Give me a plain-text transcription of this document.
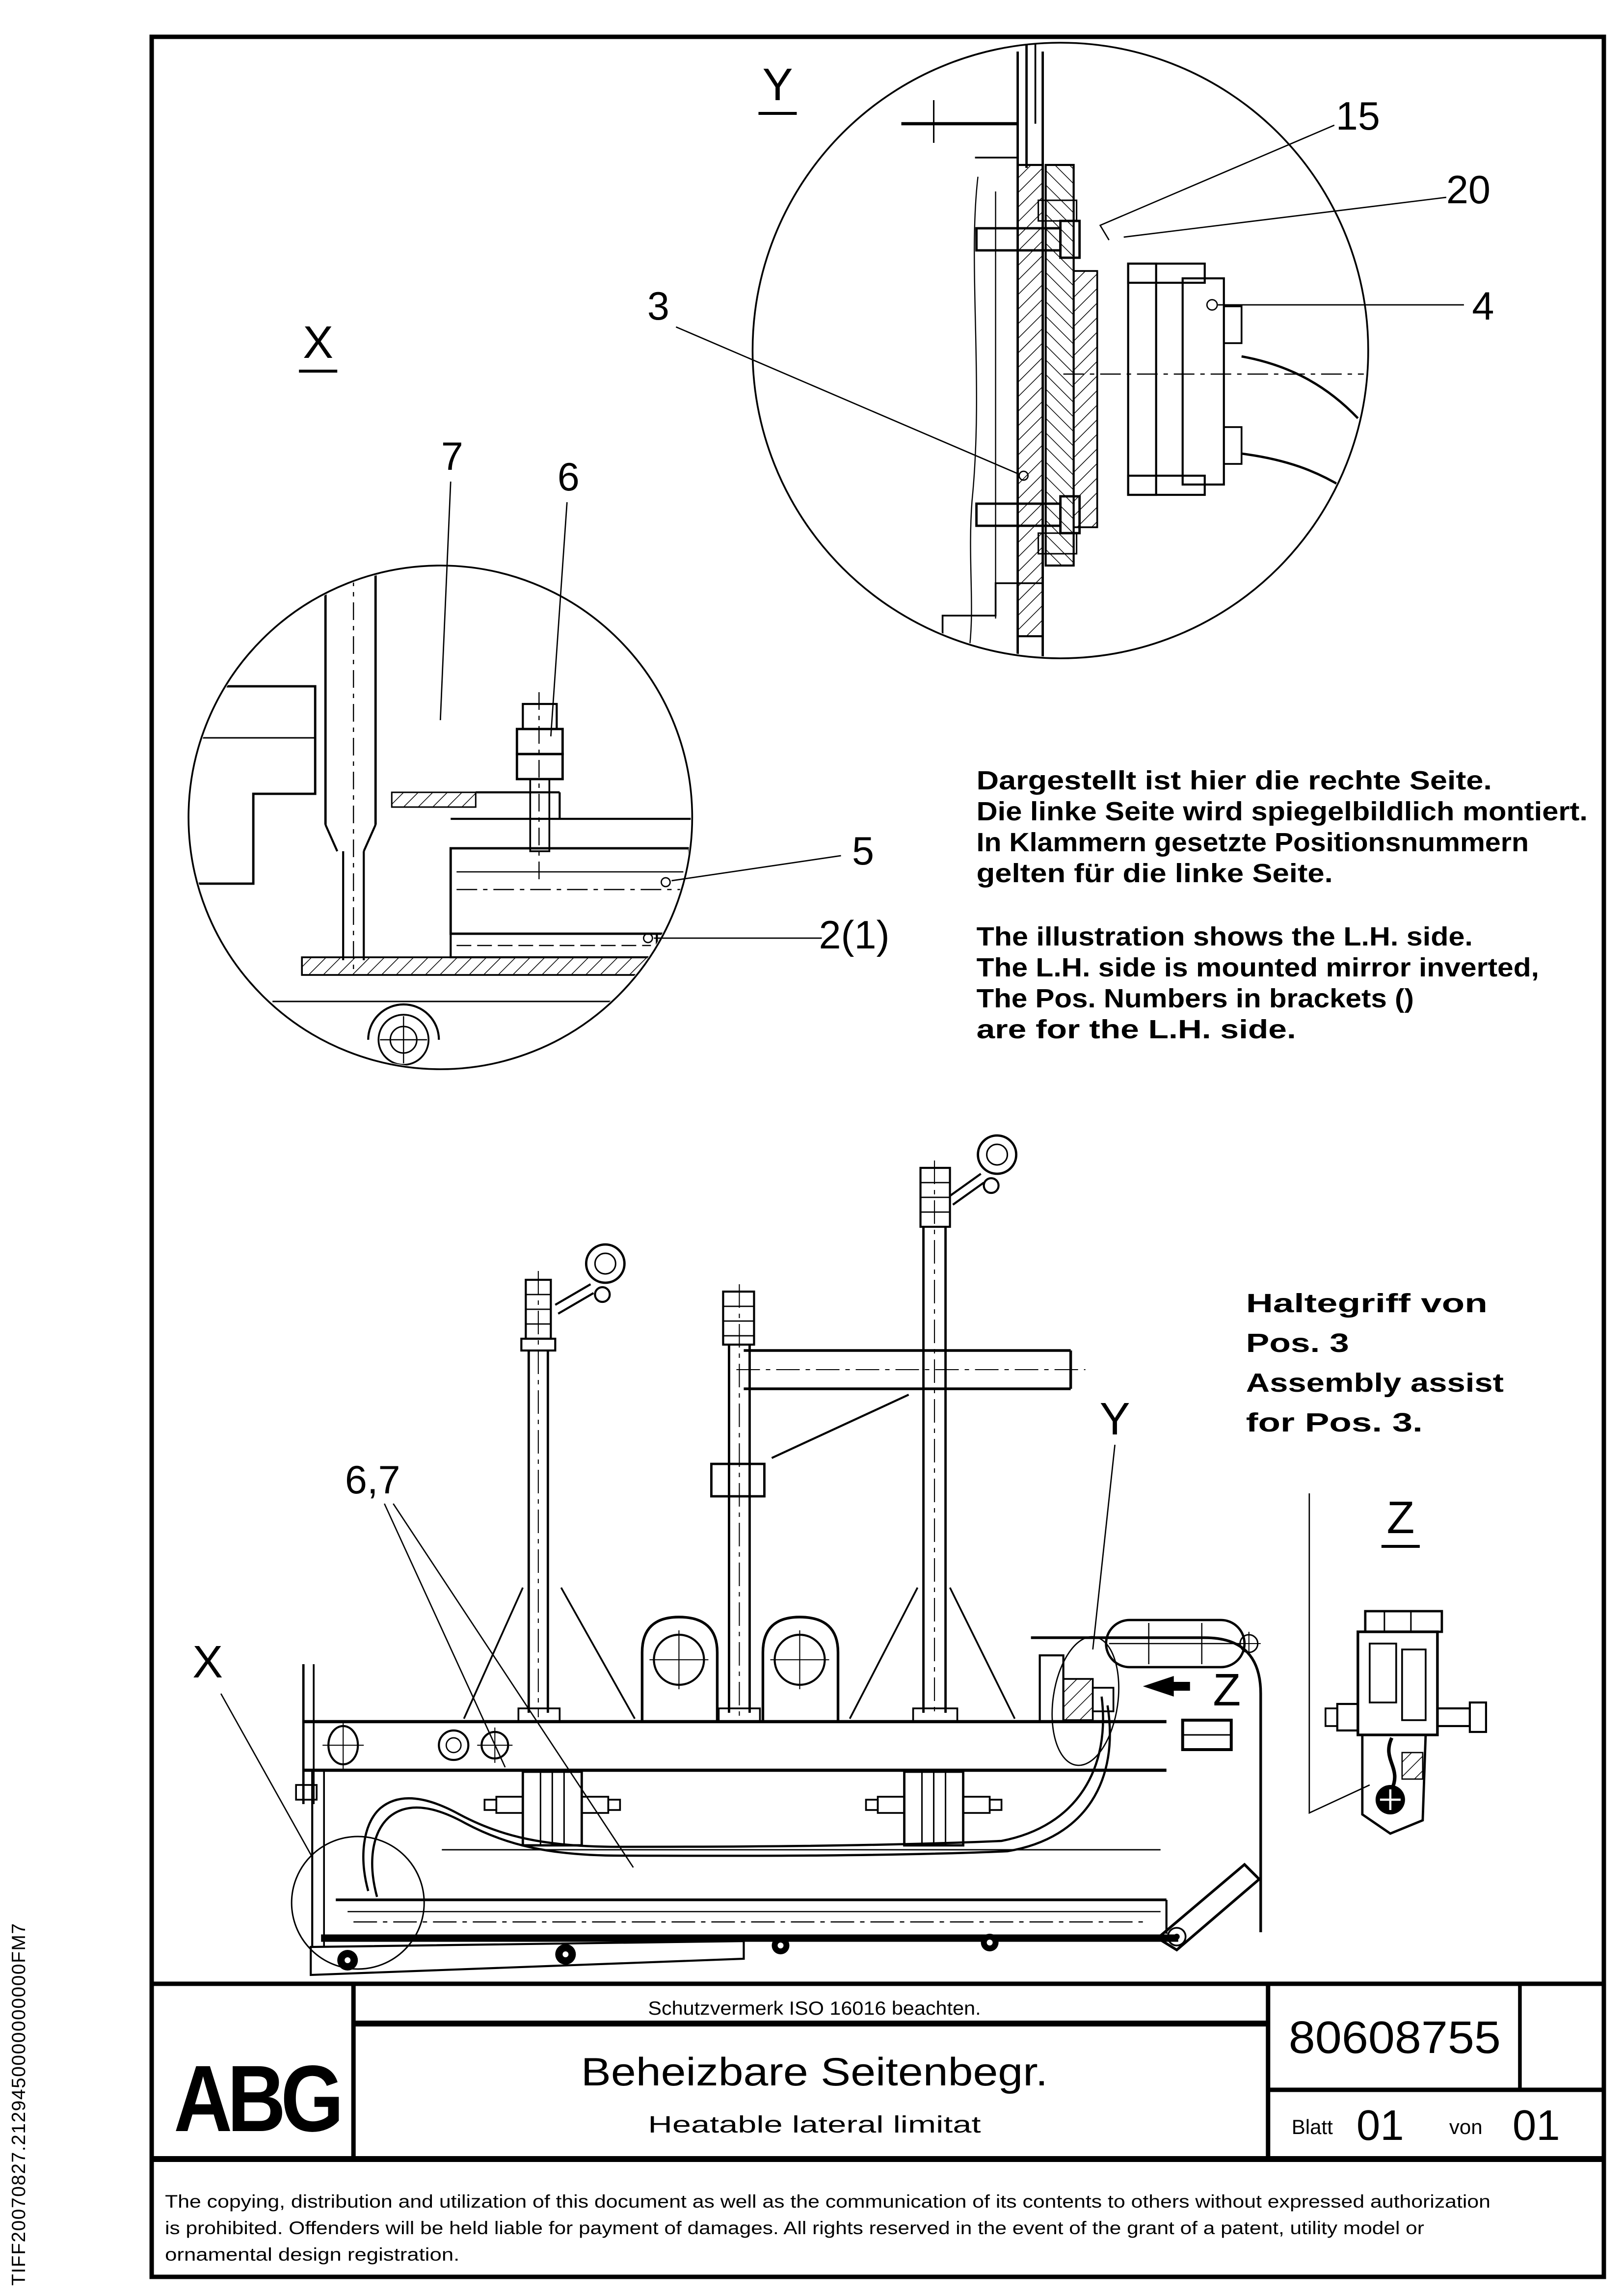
TIFF20070827.2129450000000000FM7
Y
X
Z
15
20
3	4
7	6
5
2(1)
6,7
X
Y
Z
Dargestellt ist hier die rechte Seite.
Die linke Seite wird spiegelbildlich montiert.
In Klammern gesetzte Positionsnummern
gelten für die linke Seite.
The illustration shows the L.H. side.
The L.H. side is mounted mirror inverted,
The Pos. Numbers in brackets ()
are for the L.H. side.
Haltegriff von
Pos. 3
Assembly assist
for Pos. 3.
ABG
Schutzvermerk ISO 16016 beachten.
Beheizbare Seitenbegr.
Heatable lateral limitat
80608755
Blatt 01	von 01
The copying, distribution and utilization of this document as well as the communication of its contents to others without expressed authorization
is prohibited. Offenders will be held liable for payment of damages. All rights reserved in the event of the grant of a patent, utility model or
ornamental design registration.
